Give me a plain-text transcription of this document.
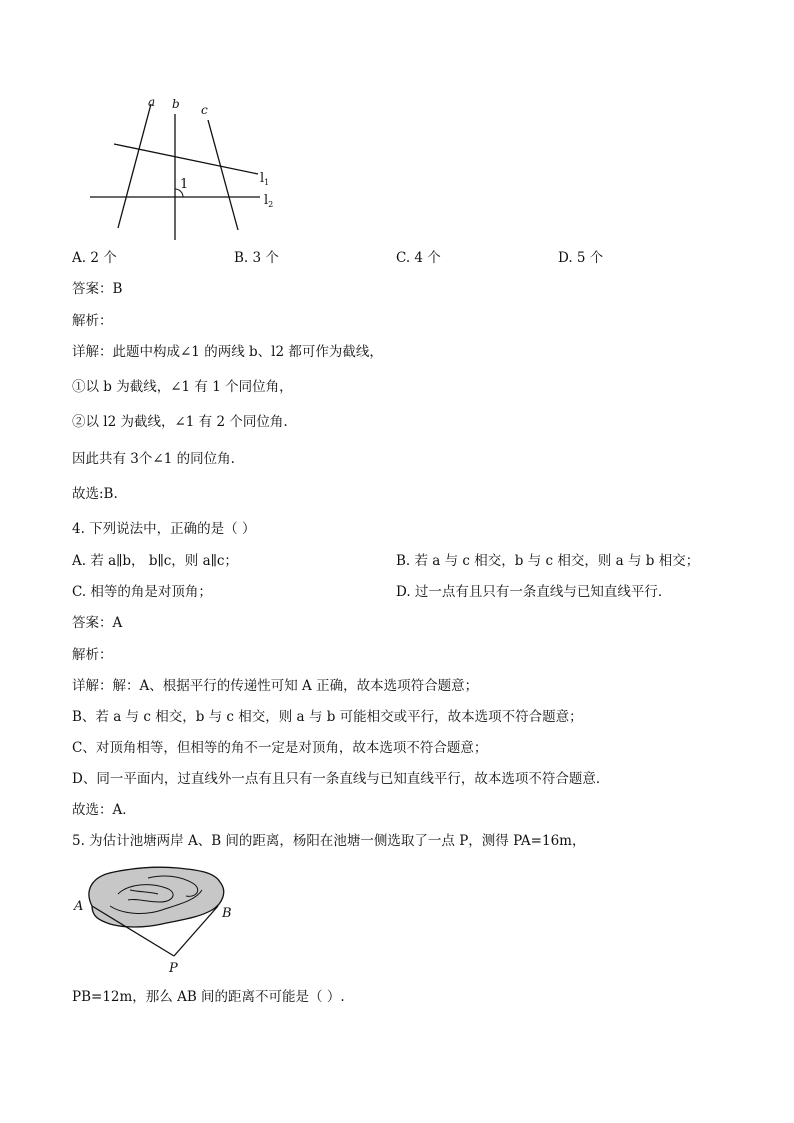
a b c
1	$l_1$
$l_2$
A. 2 个	B. 3 个	C. 4 个	D. 5 个
答案：B
解析：
详解：此题中构成∠1 的两线 b、l2 都可作为截线，
①以 b 为截线，∠1 有 1 个同位角，
②以 l2 为截线，∠1 有 2 个同位角.
因此共有 3个∠1 的同位角.
故选:B.
4. 下列说法中，正确的是（ ）
A. 若 a∥b， b∥c，则 a∥c；	B. 若 a 与 c 相交，b 与 c 相交，则 a 与 b 相交；
C. 相等的角是对顶角；	D. 过一点有且只有一条直线与已知直线平行．
答案：A
解析：
详解：解：A、根据平行的传递性可知 A 正确，故本选项符合题意；
B、若 a 与 c 相交，b 与 c 相交，则 a 与 b 可能相交或平行，故本选项不符合题意；
C、对顶角相等，但相等的角不一定是对顶角，故本选项不符合题意；
D、同一平面内，过直线外一点有且只有一条直线与已知直线平行，故本选项不符合题意．
故选：A．
5. 为估计池塘两岸 A、B 间的距离，杨阳在池塘一侧选取了一点 P，测得 PA=16m，
A	B
P
PB=12m，那么 AB 间的距离不可能是（ ）.
